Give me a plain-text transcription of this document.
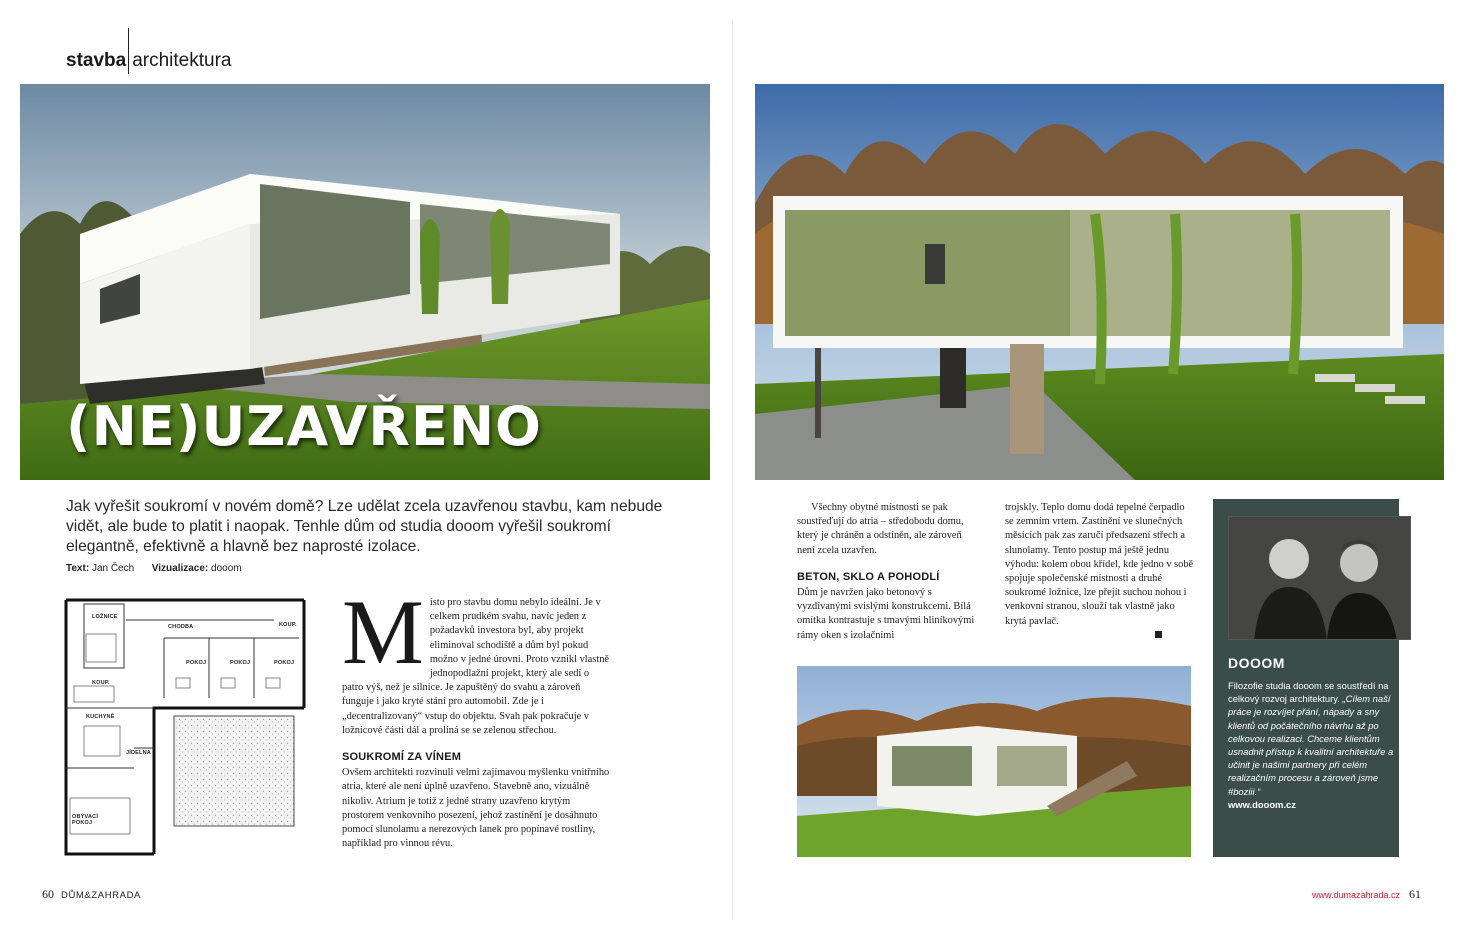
stavba architektura
(NE)UZAVŘENO
Jak vyřešit soukromí v novém domě? Lze udělat zcela uzavřenou stavbu, kam nebude vidět, ale bude to platit i naopak. Tenhle dům od studia dooom vyřešil soukromí elegantně, efektivně a hlavně bez naprosté izolace.
Text: Jan Čech Vizualizace: dooom
LOŽNICE
CHODBA	KOUP.
POKOJ	POKOJ	POKOJ
KOUP.
KUCHYNĚ
JÍDELNA
OBÝVACÍ POKOJ

M ísto pro stavbu domu nebylo ideální. Je v celkem prudkém svahu, navíc jeden z požadavků investora byl, aby projekt eliminoval schodiště a dům byl pokud možno v jedné úrovni. Proto vznikl vlastně jednopodlažní projekt, který ale sedí o patro výš, než je silnice. Je zapuštěný do svahu a zároveň funguje i jako kryté stání pro automobil. Zde je i „decentralizovaný“ vstup do objektu. Svah pak pokračuje v ložnicové části dál a prolíná se se zelenou střechou.

SOUKROMÍ ZA VÍNEM

Ovšem architekti rozvinuli velmi zajímavou myšlenku vnitřního atria, které ale není úplně uzavřeno. Stavebně ano, vizuálně nikoliv. Atrium je totiž z jedné strany uzavřeno krytým prostorem venkovního posezení, jehož zastínění je dosáhnuto pomocí slunolamu a nerezových lanek pro popínavé rostliny, například pro vinnou révu.

Všechny obytné místnosti se pak soustřeďují do atria – středobodu domu, který je chráněn a odstíněn, ale zároveň není zcela uzavřen.

BETON, SKLO A POHODLÍ

Dům je navržen jako betonový s vyzdívanými svislými konstrukcemi. Bílá omítka kontrastuje s tmavými hliníkovými rámy oken s izolačními

trojskly. Teplo domu dodá tepelné čerpadlo se zemním vrtem. Zastínění ve slunečných měsících pak zas zaručí předsazení střech a slunolamy. Tento postup má ještě jednu výhodu: kolem obou křídel, kde jedno v sobě spojuje společenské místnosti a druhé soukromé ložnice, lze přejít suchou nohou i venkovní stranou, slouží tak vlastně jako krytá pavlač.

DOOOM
Filozofie studia dooom se soustředí na celkový rozvoj architektury. „Cílem naší práce je rozvíjet přání, nápady a sny klientů od počátečního návrhu až po celkovou realizaci. Chceme klientům usnadnit přístup k kvalitní architektuře a učinit je našimi partnery při celém realizačním procesu a zároveň jsme #boziii.“
www.dooom.cz
60 DŮM&ZAHRADA	www.dumazahrada.cz 61
